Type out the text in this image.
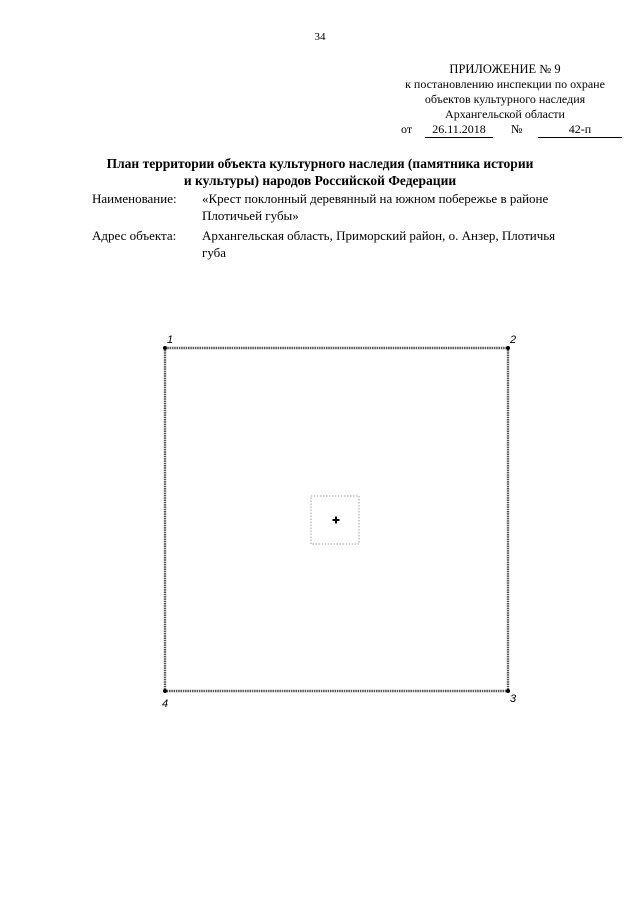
34
ПРИЛОЖЕНИЕ № 9
к постановлению инспекции по охране
объектов культурного наследия
Архангельской области
от	26.11.2018	№	42-п
План территории объекта культурного наследия (памятника истории
и культуры) народов Российской Федерации
Наименование: «Крест поклонный деревянный на южном побережье в районе
Плотичьей губы»
Адрес объекта: Архангельская область, Приморский район, о. Анзер, Плотичья
губа
1	2
3
4
